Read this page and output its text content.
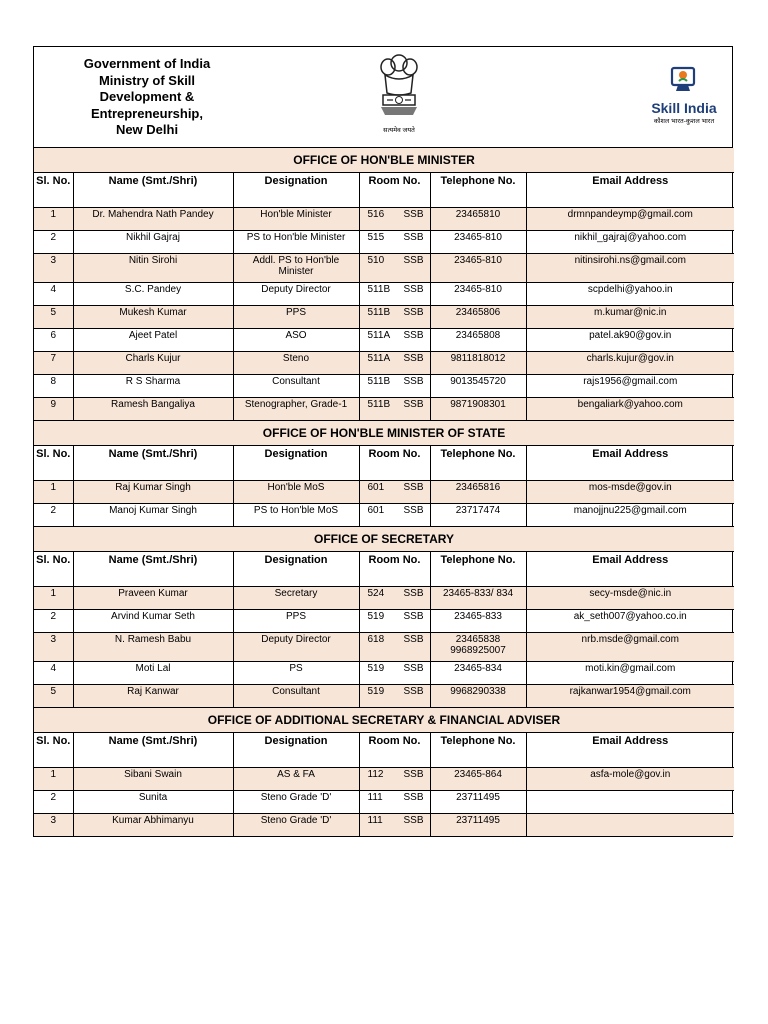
Government of India
Ministry of Skill
Development &
Entrepreneurship,
New Delhi	सत्यमेव जयते
Skill India
कौशल भारत-कुशल भारत
OFFICE OF HON'BLE MINISTER					
Sl. No.	Name (Smt./Shri)	Designation	Room No.	Telephone No.	Email Address
1	Dr. Mahendra Nath Pandey	Hon'ble Minister	516 SSB	23465810	drmnpandeymp@gmail.com
2	Nikhil Gajraj	PS to Hon'ble Minister	515 SSB	23465-810	nikhil_gajraj@yahoo.com
3	Nitin Sirohi	Addl. PS to Hon'ble Minister	510 SSB	23465-810	nitinsirohi.ns@gmail.com
4	S.C. Pandey	Deputy Director	511B SSB	23465-810	scpdelhi@yahoo.in
5	Mukesh Kumar	PPS	511B SSB	23465806	m.kumar@nic.in
6	Ajeet Patel	ASO	511A SSB	23465808	patel.ak90@gov.in
7	Charls Kujur	Steno	511A SSB	9811818012	charls.kujur@gov.in
8	R S Sharma	Consultant	511B SSB	9013545720	rajs1956@gmail.com
9	Ramesh Bangaliya	Stenographer, Grade-1	511B SSB	9871908301	bengaliark@yahoo.com
OFFICE OF HON'BLE MINISTER OF STATE					
Sl. No.	Name (Smt./Shri)	Designation	Room No.	Telephone No.	Email Address
1	Raj Kumar Singh	Hon'ble MoS	601 SSB	23465816	mos-msde@gov.in
2	Manoj Kumar Singh	PS to Hon'ble MoS	601 SSB	23717474	manojjnu225@gmail.com
OFFICE OF SECRETARY					
Sl. No.	Name (Smt./Shri)	Designation	Room No.	Telephone No.	Email Address
1	Praveen Kumar	Secretary	524 SSB	23465-833/ 834	secy-msde@nic.in
2	Arvind Kumar Seth	PPS	519 SSB	23465-833	ak_seth007@yahoo.co.in
3	N. Ramesh Babu	Deputy Director	618 SSB	23465838 9968925007	nrb.msde@gmail.com
4	Moti Lal	PS	519 SSB	23465-834	moti.kin@gmail.com
5	Raj Kanwar	Consultant	519 SSB	9968290338	rajkanwar1954@gmail.com
OFFICE OF ADDITIONAL SECRETARY & FINANCIAL ADVISER					
Sl. No.	Name (Smt./Shri)	Designation	Room No.	Telephone No.	Email Address
1	Sibani Swain	AS & FA	112 SSB	23465-864	asfa-mole@gov.in
2	Sunita	Steno Grade 'D'	111 SSB	23711495	
3	Kumar Abhimanyu	Steno Grade 'D'	111 SSB	23711495	
